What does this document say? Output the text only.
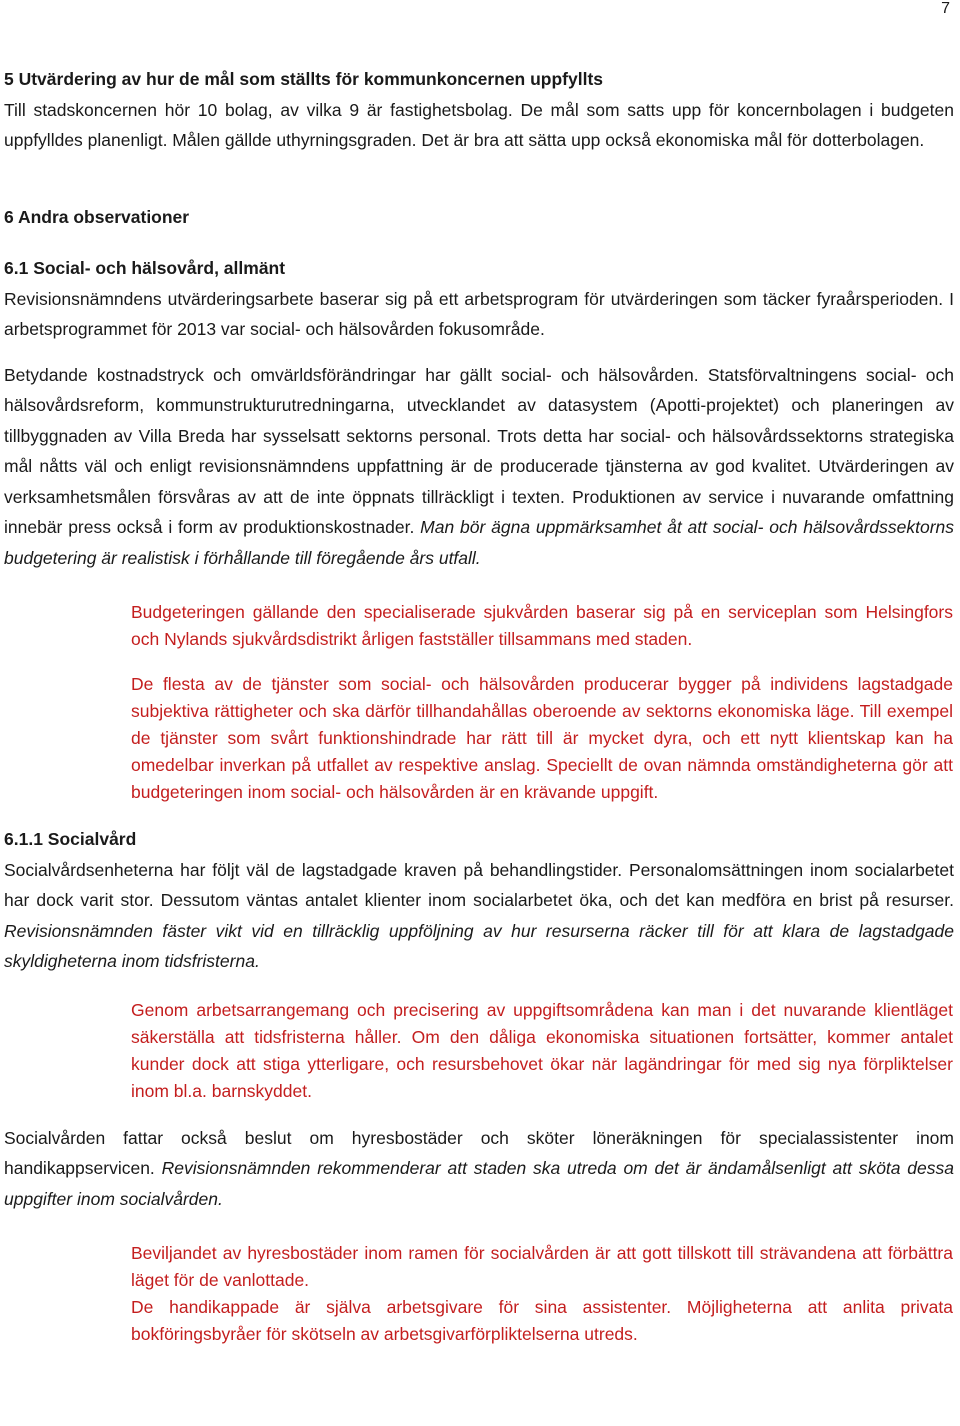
7

5 Utvärdering av hur de mål som ställts för kommunkoncernen uppfyllts

Till stadskoncernen hör 10 bolag, av vilka 9 är fastighetsbolag. De mål som satts upp för koncernbolagen i budgeten uppfylldes planenligt. Målen gällde uthyrningsgraden. Det är bra att sätta upp också ekonomiska mål för dotterbolagen.

6 Andra observationer

6.1 Social- och hälsovård, allmänt

Revisionsnämndens utvärderingsarbete baserar sig på ett arbetsprogram för utvärderingen som täcker fyraårsperioden. I arbetsprogrammet för 2013 var social- och hälsovården fokusområde.

Betydande kostnadstryck och omvärldsförändringar har gällt social- och hälsovården. Statsförvaltningens social- och hälsovårdsreform, kommunstrukturutredningarna, utvecklandet av datasystem (Apotti-projektet) och planeringen av tillbyggnaden av Villa Breda har sysselsatt sektorns personal. Trots detta har social- och hälsovårdssektorns strategiska mål nåtts väl och enligt revisionsnämndens uppfattning är de producerade tjänsterna av god kvalitet. Utvärderingen av verksamhetsmålen försvåras av att de inte öppnats tillräckligt i texten. Produktionen av service i nuvarande omfattning innebär press också i form av produktionskostnader. Man bör ägna uppmärksamhet åt att social- och hälsovårdssektorns budgetering är realistisk i förhållande till föregående års utfall.

Budgeteringen gällande den specialiserade sjukvården baserar sig på en serviceplan som Helsingfors och Nylands sjukvårdsdistrikt årligen fastställer tillsammans med staden.

De flesta av de tjänster som social- och hälsovården producerar bygger på individens lagstadgade subjektiva rättigheter och ska därför tillhandahållas oberoende av sektorns ekonomiska läge. Till exempel de tjänster som svårt funktionshindrade har rätt till är mycket dyra, och ett nytt klientskap kan ha omedelbar inverkan på utfallet av respektive anslag. Speciellt de ovan nämnda omständigheterna gör att budgeteringen inom social- och hälsovården är en krävande uppgift.

6.1.1 Socialvård

Socialvårdsenheterna har följt väl de lagstadgade kraven på behandlingstider. Personalomsättningen inom socialarbetet har dock varit stor. Dessutom väntas antalet klienter inom socialarbetet öka, och det kan medföra en brist på resurser. Revisionsnämnden fäster vikt vid en tillräcklig uppföljning av hur resurserna räcker till för att klara de lagstadgade skyldigheterna inom tidsfristerna.

Genom arbetsarrangemang och precisering av uppgiftsområdena kan man i det nuvarande klientläget säkerställa att tidsfristerna håller. Om den dåliga ekonomiska situationen fortsätter, kommer antalet kunder dock att stiga ytterligare, och resursbehovet ökar när lagändringar för med sig nya förpliktelser inom bl.a. barnskyddet.

Socialvården fattar också beslut om hyresbostäder och sköter löneräkningen för specialassistenter inom handikappservicen. Revisionsnämnden rekommenderar att staden ska utreda om det är ändamålsenligt att sköta dessa uppgifter inom socialvården.

Beviljandet av hyresbostäder inom ramen för socialvården är att gott tillskott till strävandena att förbättra läget för de vanlottade.

De handikappade är själva arbetsgivare för sina assistenter. Möjligheterna att anlita privata bokföringsbyråer för skötseln av arbetsgivarförpliktelserna utreds.
